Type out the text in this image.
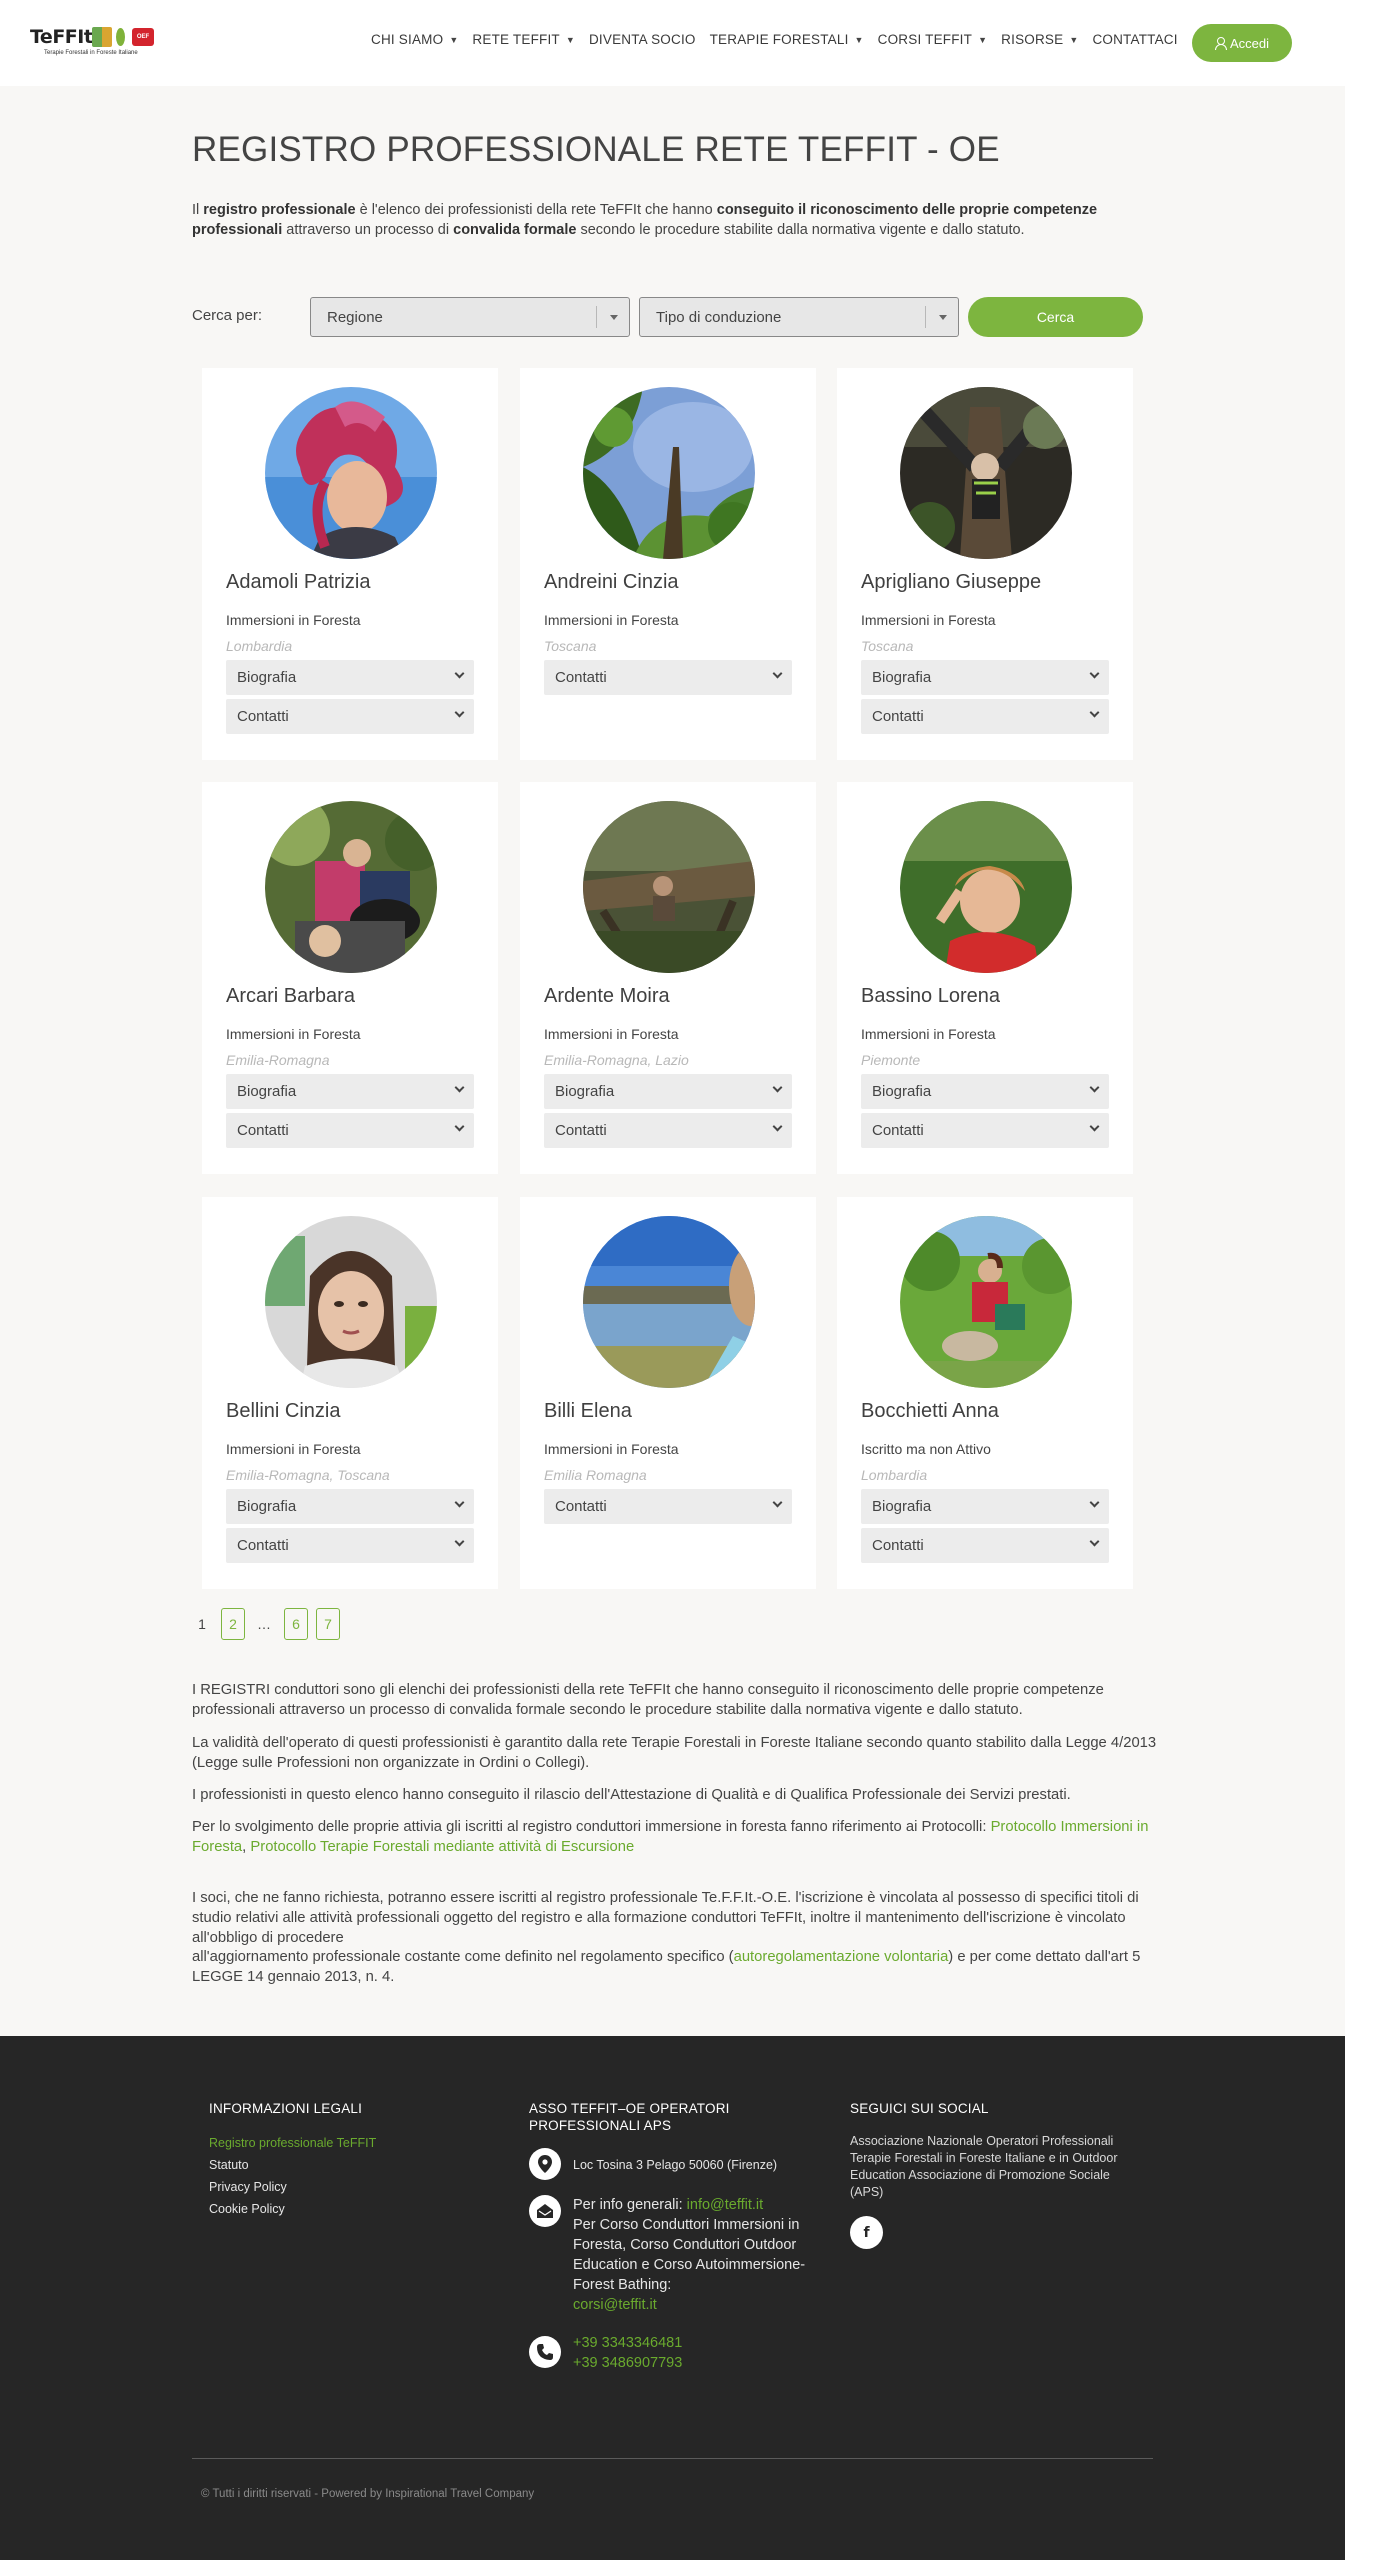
TeFFIt	OEF
Terapie Forestali in Foreste Italiane
CHI SIAMO ▼ RETE TEFFIT ▼ DIVENTA SOCIO TERAPIE FORESTALI ▼ CORSI TEFFIT ▼ RISORSE ▼ CONTATTACI	Accedi
REGISTRO PROFESSIONALE RETE TEFFIT - OE

Il registro professionale è l'elenco dei professionisti della rete TeFFIt che hanno conseguito il riconoscimento delle proprie competenze professionali attraverso un processo di convalida formale secondo le procedure stabilite dalla normativa vigente e dallo statuto.

Cerca per:	Regione	Tipo di conduzione	Cerca
Adamoli Patrizia
Immersioni in Foresta
Lombardia
Biografia
Contatti
Andreini Cinzia
Immersioni in Foresta
Toscana
Contatti
Aprigliano Giuseppe
Immersioni in Foresta
Toscana
Biografia
Contatti
Arcari Barbara
Immersioni in Foresta
Emilia-Romagna
Biografia
Contatti
Ardente Moira
Immersioni in Foresta
Emilia-Romagna, Lazio
Biografia
Contatti
Bassino Lorena
Immersioni in Foresta
Piemonte
Biografia
Contatti
Bellini Cinzia
Immersioni in Foresta
Emilia-Romagna, Toscana
Biografia
Contatti
Billi Elena
Immersioni in Foresta
Emilia Romagna
Contatti
Bocchietti Anna
Iscritto ma non Attivo
Lombardia
Biografia
Contatti
1	2	…	6	7

I REGISTRI conduttori sono gli elenchi dei professionisti della rete TeFFIt che hanno conseguito il riconoscimento delle proprie competenze professionali attraverso un processo di convalida formale secondo le procedure stabilite dalla normativa vigente e dallo statuto.

La validità dell'operato di questi professionisti è garantito dalla rete Terapie Forestali in Foreste Italiane secondo quanto stabilito dalla Legge 4/2013 (Legge sulle Professioni non organizzate in Ordini o Collegi).

I professionisti in questo elenco hanno conseguito il rilascio dell'Attestazione di Qualità e di Qualifica Professionale dei Servizi prestati.

Per lo svolgimento delle proprie attivia gli iscritti al registro conduttori immersione in foresta fanno riferimento ai Protocolli: Protocollo Immersioni in Foresta, Protocollo Terapie Forestali mediante attività di Escursione

I soci, che ne fanno richiesta, potranno essere iscritti al registro professionale Te.F.F.It.-O.E. l'iscrizione è vincolata al possesso di specifici titoli di studio relativi alle attività professionali oggetto del registro e alla formazione conduttori TeFFIt, inoltre il mantenimento dell'iscrizione è vincolato all'obbligo di procedere

all'aggiornamento professionale costante come definito nel regolamento specifico (autoregolamentazione volontaria) e per come dettato dall'art 5 LEGGE 14 gennaio 2013, n. 4.

INFORMAZIONI LEGALI
Registro professionale TeFFIT
Statuto
Privacy Policy
Cookie Policy
ASSO TEFFIT–OE OPERATORI PROFESSIONALI APS
Loc Tosina 3 Pelago 50060 (Firenze)
Per info generali: info@teffit.it
Per Corso Conduttori Immersioni in Foresta, Corso Conduttori Outdoor Education e Corso Autoimmersione- Forest Bathing:
corsi@teffit.it
+39 3343346481
+39 3486907793
SEGUICI SUI SOCIAL
Associazione Nazionale Operatori Professionali Terapie Forestali in Foreste Italiane e in Outdoor Education Associazione di Promozione Sociale (APS)
f
© Tutti i diritti riservati - Powered by Inspirational Travel Company
